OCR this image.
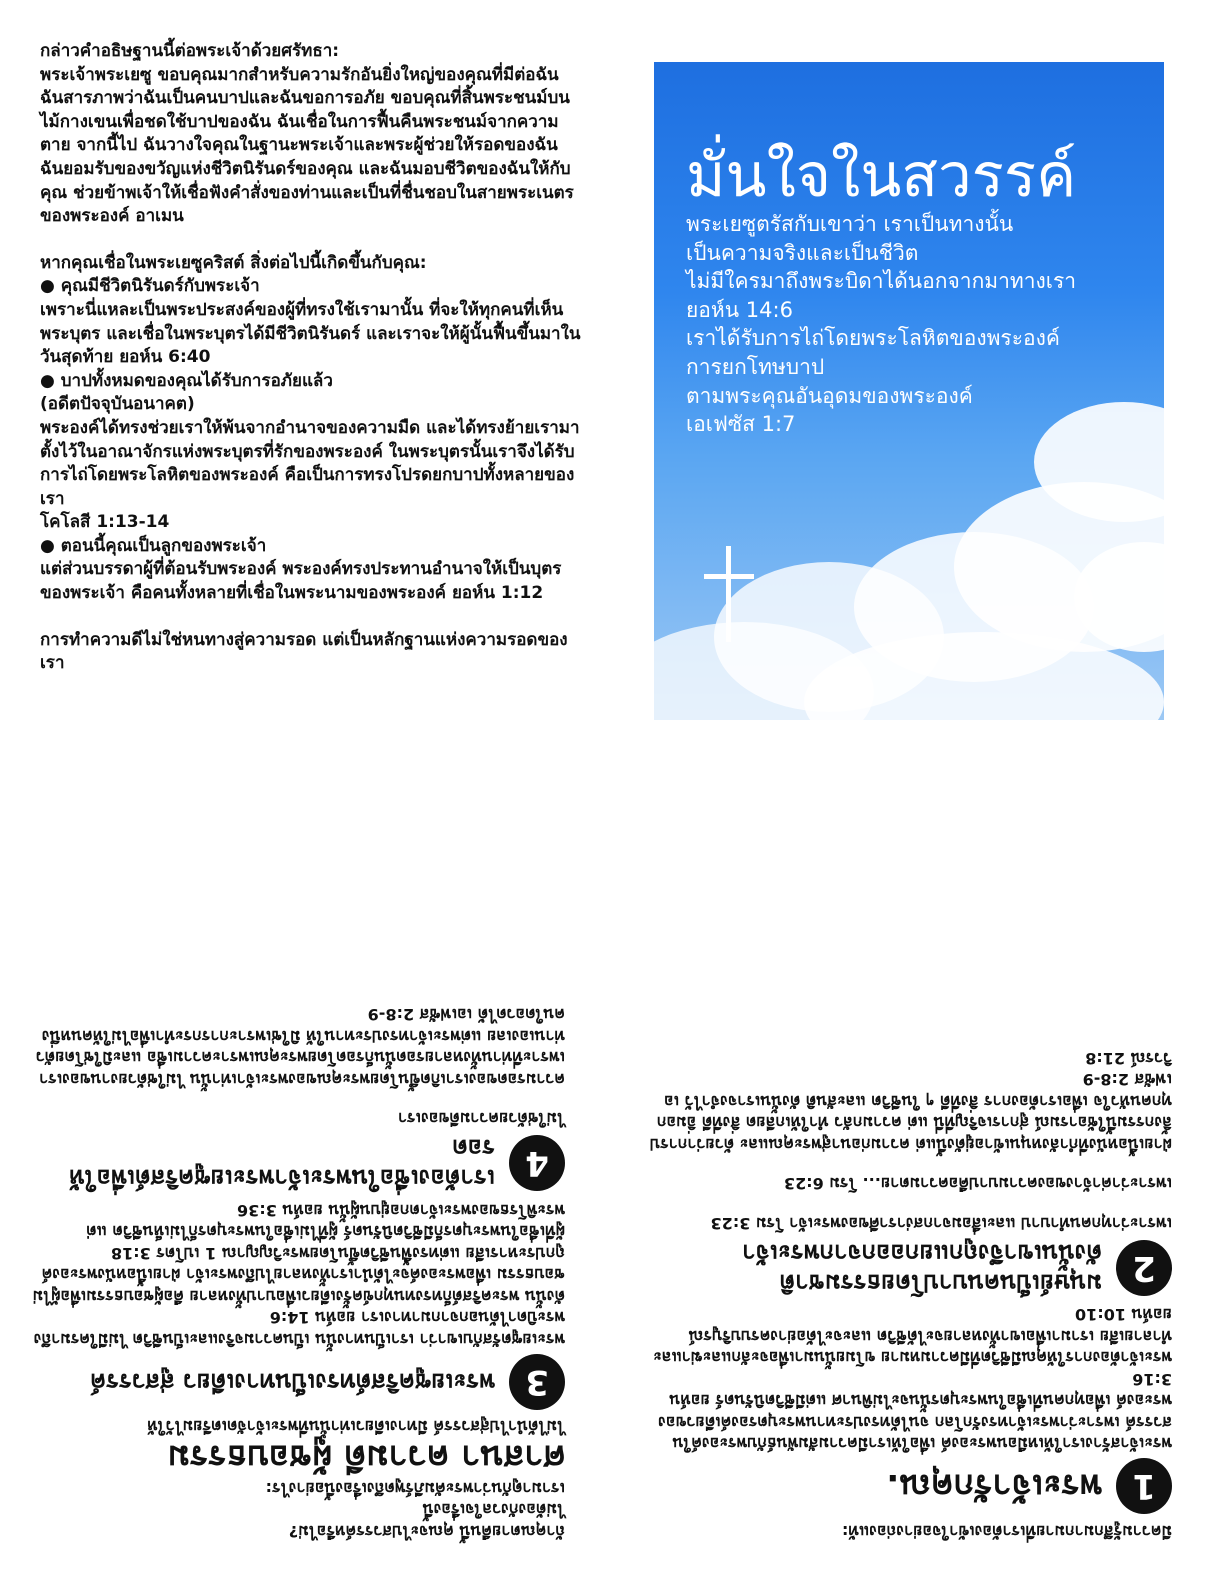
กล่าวคำอธิษฐานนี้ต่อพระเจ้าด้วยศรัทธา:

พระเจ้าพระเยซู ขอบคุณมากสำหรับความรักอันยิ่งใหญ่ของคุณที่มีต่อฉัน ฉันสารภาพว่าฉันเป็นคนบาปและฉันขอการอภัย ขอบคุณที่สิ้นพระชนม์บนไม้กางเขนเพื่อชดใช้บาปของฉัน ฉันเชื่อในการฟื้นคืนพระชนม์จากความตาย จากนี้ไป ฉันวางใจคุณในฐานะพระเจ้าและพระผู้ช่วยให้รอดของฉัน ฉันยอมรับของขวัญแห่งชีวิตนิรันดร์ของคุณ และฉันมอบชีวิตของฉันให้กับคุณ ช่วยข้าพเจ้าให้เชื่อฟังคำสั่งของท่านและเป็นที่ชื่นชอบในสายพระเนตรของพระองค์ อาเมน

หากคุณเชื่อในพระเยซูคริสต์ สิ่งต่อไปนี้เกิดขึ้นกับคุณ:

● คุณมีชีวิตนิรันดร์กับพระเจ้า

เพราะนี่แหละเป็นพระประสงค์ของผู้ที่ทรงใช้เรามานั้น ที่จะให้ทุกคนที่เห็นพระบุตร และเชื่อในพระบุตรได้มีชีวิตนิรันดร์ และเราจะให้ผู้นั้นฟื้นขึ้นมาในวันสุดท้าย ยอห์น 6:40

● บาปทั้งหมดของคุณได้รับการอภัยแล้ว

(อดีตปัจจุบันอนาคต)

พระองค์ได้ทรงช่วยเราให้พ้นจากอำนาจของความมืด และได้ทรงย้ายเรามาตั้งไว้ในอาณาจักรแห่งพระบุตรที่รักของพระองค์ ในพระบุตรนั้นเราจึงได้รับการไถ่โดยพระโลหิตของพระองค์ คือเป็นการทรงโปรดยกบาปทั้งหลายของเรา

โคโลสี 1:13-14

● ตอนนี้คุณเป็นลูกของพระเจ้า

แต่ส่วนบรรดาผู้ที่ต้อนรับพระองค์ พระองค์ทรงประทานอำนาจให้เป็นบุตรของพระเจ้า คือคนทั้งหลายที่เชื่อในพระนามของพระองค์ ยอห์น 1:12

การทำความดีไม่ใช่หนทางสู่ความรอด แต่เป็นหลักฐานแห่งความรอดของเรา

มั่นใจในสวรรค์
พระเยซูตรัสกับเขาว่า เราเป็นทางนั้น
เป็นความจริงและเป็นชีวิต
ไม่มีใครมาถึงพระบิดาได้นอกจากมาทางเรา
ยอห์น 14:6
เราได้รับการไถ่โดยพระโลหิตของพระองค์
การยกโทษบาป
ตามพระคุณอันอุดมของพระองค์
เอเฟซัส 1:7

มีความรู้สึกมากมายที่เราต้องเข้าใจอย่างถ่องแท้:

1
พระเจ้ารักคุณ.

พระเจ้าสร้างเราให้เหมือนพระองค์ เพื่อให้เรามีความสัมพันธ์กับพระองค์ในสวรรค์ เพราะว่าพระเจ้าทรงรักโลก จนได้ทรงประทานพระบุตรองค์เดียวของพระองค์ เพื่อทุกคนที่เชื่อในพระบุตรนั้นจะไม่พินาศ แต่มีชีวิตนิรันดร์ ยอห์น 3:16

พระเจ้าต้องการให้คุณมีชีวิตที่มีความหมาย ขโมยนั้นมาเพื่อจะลักและฆ่าและทำลายเสีย เรามาเพื่อเขาทั้งหลายจะได้ชีวิต และจะได้อย่างครบบริบูรณ์ ยอห์น 10:10

2
มนุษย์เป็นคนบาปโดยธรรมชาติ
ดังนั้นเขาจึงถูกแยกออกจากพระเจ้า

เพราะว่าทุกคนทำบาป และเสื่อมจากสง่าราศีของพระเจ้า โรม 3:23

เพราะว่าค่าจ้างของความบาปคือความตาย... โรม 6:23

ฝ่ายเนื้อหนังที่กำลังหนุนเข้าอยู่ดังนี้แต่ ความก่อนาสู่พระคุณและ ด้วยว่าการปลิ้งกรรมนี้ใช้อารมณ์ สู่การเจริญที่นี่ แต่ ความกลัว ทำให้เกลียด สิ่งที่ดี อิ่มอก ทุกคนหัวใจ เพื่อเราต้องการ สิ่งที่ดี ๆ ในชีวิต และสันติ ดังนั้นเราจงจำไว้ เอเฟซัส 2:8-9

วิวรณ์ 21:8

ถ้าคุณตายคืนนี้ คุณจะไปสวรรค์หรือไม่?
ไม่ต้องกังวลใจเรื่องนี้
เรามาดูกันว่าพระคัมภีร์พูดถึงเรื่องนี้อย่างไร:

ศาสนา ความดี ผู้ชอบธรรม

ไม่ได้นำไปสู่สวรรค์ มีทางเดียวเท่านั้นที่พระเจ้าจัดเตรียมไว้ให้

3
พระเยซูคริสต์ทรงเป็นทางเดียว สู่สวรรค์

พระเยซูตรัสกับเขาว่า เราเป็นทางนั้น เป็นความจริงและเป็นชีวิต ไม่มีใครมาถึงพระบิดาได้นอกจากมาทางเรา ยอห์น 14:6

ดังนั้น พระคริสต์ก็ทรงทนทุกข์ครั้งเดียวเพื่อบาปทั้งหลาย คือผู้ชอบธรรมเพื่อผู้ไม่ชอบธรรม เพื่อพระองค์จะได้นำเราทั้งหลายไปถึงพระเจ้า ฝ่ายเนื้อหนังพระองค์ถูกประหารเสีย แต่ทรงฟื้นชีวิตขึ้นโดยพระวิญญาณ 1 เปโตร 3:18

ผู้ที่เชื่อในพระบุตรก็มีชีวิตนิรันดร์ ผู้ที่ไม่เชื่อในพระบุตรก็ไม่เห็นชีวิต แต่พระพิโรธของพระเจ้าตกอยู่บนผู้นั้น ยอห์น 3:36

4
เราต้องเชื่อในพระเจ้าพระเยซูคริสต์เพื่อให้รอด

ไม่ใช่ด้วยความดีของเรา

ความรอดของเราเกิดขึ้นโดยพระคุณของพระเจ้าเท่านั้น ไม่ใช่ด้วยงานของเรา

เพราะที่ท่านทั้งหลายรอดนั้นก็รอดโดยพระคุณเพราะความเชื่อ และมิใช่โดยตัวท่านเองเลย แต่พระเจ้าทรงประทานให้ มิใช่เพราะการกระทำเพื่อไม่ให้คนหนึ่งคนใดอวดได้ เอเฟซัส 2:8-9
